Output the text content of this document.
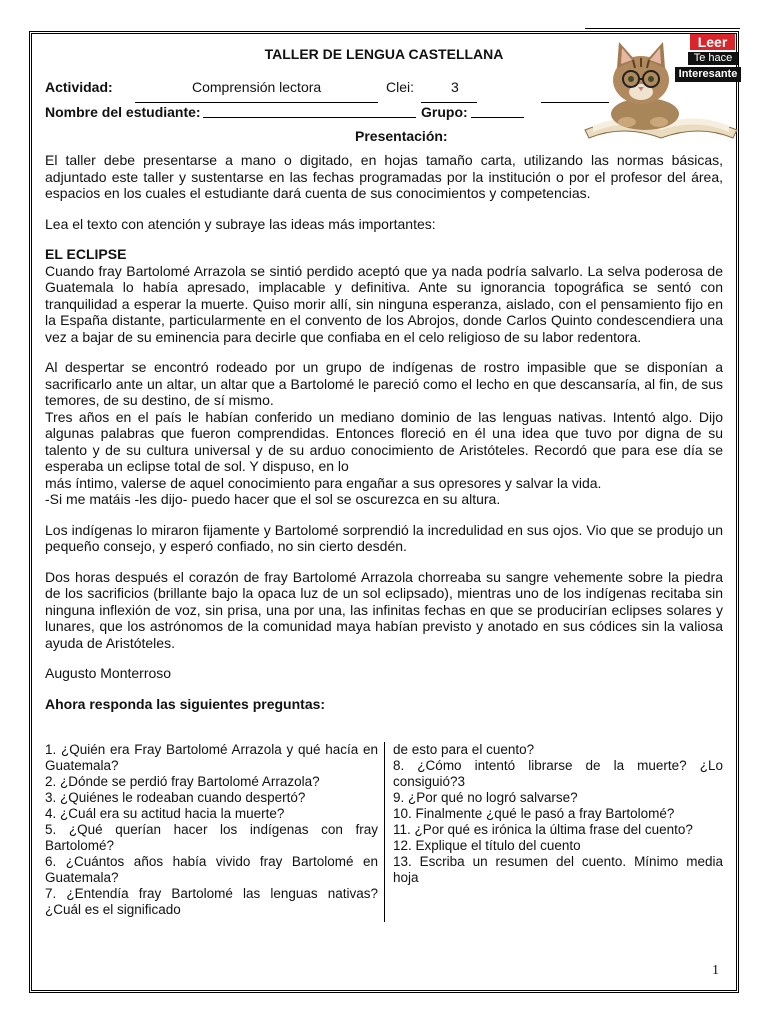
Leer
Te hace
Interesante
TALLER DE LENGUA CASTELLANA
Actividad:	Comprensión lectora	Clei:	3
Nombre del estudiante:	Grupo:
Presentación:

El taller debe presentarse a mano o digitado, en hojas tamaño carta, utilizando las normas básicas, adjuntado este taller y sustentarse en las fechas programadas por la institución o por el profesor del área, espacios en los cuales el estudiante dará cuenta de sus conocimientos y competencias.

Lea el texto con atención y subraye las ideas más importantes:

EL ECLIPSE

Cuando fray Bartolomé Arrazola se sintió perdido aceptó que ya nada podría salvarlo. La selva poderosa de Guatemala lo había apresado, implacable y definitiva. Ante su ignorancia topográfica se sentó con tranquilidad a esperar la muerte. Quiso morir allí, sin ninguna esperanza, aislado, con el pensamiento fijo en la España distante, particularmente en el convento de los Abrojos, donde Carlos Quinto condescendiera una vez a bajar de su eminencia para decirle que confiaba en el celo religioso de su labor redentora.

Al despertar se encontró rodeado por un grupo de indígenas de rostro impasible que se disponían a sacrificarlo ante un altar, un altar que a Bartolomé le pareció como el lecho en que descansaría, al fin, de sus temores, de su destino, de sí mismo.

Tres años en el país le habían conferido un mediano dominio de las lenguas nativas. Intentó algo. Dijo algunas palabras que fueron comprendidas. Entonces floreció en él una idea que tuvo por digna de su talento y de su cultura universal y de su arduo conocimiento de Aristóteles. Recordó que para ese día se esperaba un eclipse total de sol. Y dispuso, en lo

más íntimo, valerse de aquel conocimiento para engañar a sus opresores y salvar la vida.

-Si me matáis -les dijo- puedo hacer que el sol se oscurezca en su altura.

Los indígenas lo miraron fijamente y Bartolomé sorprendió la incredulidad en sus ojos. Vio que se produjo un pequeño consejo, y esperó confiado, no sin cierto desdén.

Dos horas después el corazón de fray Bartolomé Arrazola chorreaba su sangre vehemente sobre la piedra de los sacrificios (brillante bajo la opaca luz de un sol eclipsado), mientras uno de los indígenas recitaba sin ninguna inflexión de voz, sin prisa, una por una, las infinitas fechas en que se producirían eclipses solares y lunares, que los astrónomos de la comunidad maya habían previsto y anotado en sus códices sin la valiosa ayuda de Aristóteles.

Augusto Monterroso

Ahora responda las siguientes preguntas:

1. ¿Quién era Fray Bartolomé Arrazola y qué hacía en Guatemala?
2. ¿Dónde se perdió fray Bartolomé Arrazola?
3. ¿Quiénes le rodeaban cuando despertó?
4. ¿Cuál era su actitud hacia la muerte?
5. ¿Qué querían hacer los indígenas con fray Bartolomé?
6. ¿Cuántos años había vivido fray Bartolomé en Guatemala?
7. ¿Entendía fray Bartolomé las lenguas nativas? ¿Cuál es el significado
de esto para el cuento?
8. ¿Cómo intentó librarse de la muerte? ¿Lo consiguió?3
9. ¿Por qué no logró salvarse?
10. Finalmente ¿qué le pasó a fray Bartolomé?
11. ¿Por qué es irónica la última frase del cuento?
12. Explique el título del cuento
13. Escriba un resumen del cuento. Mínimo media hoja
1
